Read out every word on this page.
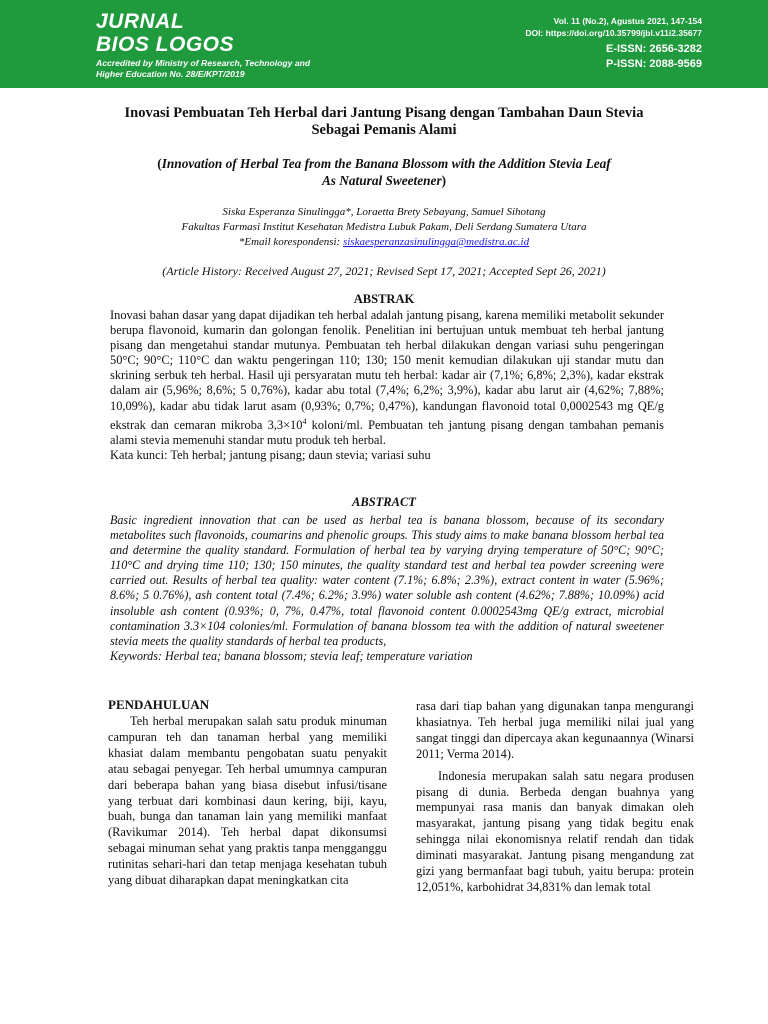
JURNAL
BIOS LOGOS
Accredited by Ministry of Research, Technology and
Higher Education No. 28/E/KPT/2019
Vol. 11 (No.2), Agustus 2021, 147-154
DOI: https://doi.org/10.35799/jbl.v11i2.35677
E-ISSN: 2656-3282
P-ISSN: 2088-9569
Inovasi Pembuatan Teh Herbal dari Jantung Pisang dengan Tambahan Daun Stevia
Sebagai Pemanis Alami
(Innovation of Herbal Tea from the Banana Blossom with the Addition Stevia Leaf
As Natural Sweetener)
Siska Esperanza Sinulingga*, Loraetta Brety Sebayang, Samuel Sihotang
Fakultas Farmasi Institut Kesehatan Medistra Lubuk Pakam, Deli Serdang Sumatera Utara
*Email korespondensi: siskaesperanzasinulingga@medistra.ac.id
(Article History: Received August 27, 2021; Revised Sept 17, 2021; Accepted Sept 26, 2021)
ABSTRAK
Inovasi bahan dasar yang dapat dijadikan teh herbal adalah jantung pisang, karena memiliki metabolit sekunder berupa flavonoid, kumarin dan golongan fenolik. Penelitian ini bertujuan untuk membuat teh herbal jantung pisang dan mengetahui standar mutunya. Pembuatan teh herbal dilakukan dengan variasi suhu pengeringan 50°C; 90°C; 110°C dan waktu pengeringan 110; 130; 150 menit kemudian dilakukan uji standar mutu dan skrining serbuk teh herbal. Hasil uji persyaratan mutu teh herbal: kadar air (7,1%; 6,8%; 2,3%), kadar ekstrak dalam air (5,96%; 8,6%; 5 0,76%), kadar abu total (7,4%; 6,2%; 3,9%), kadar abu larut air (4,62%; 7,88%; 10,09%), kadar abu tidak larut asam (0,93%; 0,7%; 0,47%), kandungan flavonoid total 0,0002543 mg QE/g ekstrak dan cemaran mikroba $3,3\times 10^4$ koloni/ml. Pembuatan teh jantung pisang dengan tambahan pemanis alami stevia memenuhi standar mutu produk teh herbal.
Kata kunci: Teh herbal; jantung pisang; daun stevia; variasi suhu
ABSTRACT
Basic ingredient innovation that can be used as herbal tea is banana blossom, because of its secondary metabolites such flavonoids, coumarins and phenolic groups. This study aims to make banana blossom herbal tea and determine the quality standard. Formulation of herbal tea by varying drying temperature of 50°C; 90°C; 110°C and drying time 110; 130; 150 minutes, the quality standard test and herbal tea powder screening were carried out. Results of herbal tea quality: water content (7.1%; 6.8%; 2.3%), extract content in water (5.96%; 8.6%; 5 0.76%), ash content total (7.4%; 6.2%; 3.9%) water soluble ash content (4.62%; 7.88%; 10.09%) acid insoluble ash content (0.93%; 0, 7%, 0.47%, total flavonoid content 0.0002543mg QE/g extract, microbial contamination 3.3×104 colonies/ml. Formulation of banana blossom tea with the addition of natural sweetener stevia meets the quality standards of herbal tea products,
Keywords: Herbal tea; banana blossom; stevia leaf; temperature variation
PENDAHULUAN
Teh herbal merupakan salah satu produk minuman campuran teh dan tanaman herbal yang memiliki khasiat dalam membantu pengobatan suatu penyakit atau sebagai penyegar. Teh herbal umumnya campuran dari beberapa bahan yang biasa disebut infusi/tisane yang terbuat dari kombinasi daun kering, biji, kayu, buah, bunga dan tanaman lain yang memiliki manfaat (Ravikumar 2014). Teh herbal dapat dikonsumsi sebagai minuman sehat yang praktis tanpa mengganggu rutinitas sehari-hari dan tetap menjaga kesehatan tubuh yang dibuat diharapkan dapat meningkatkan cita
rasa dari tiap bahan yang digunakan tanpa mengurangi khasiatnya. Teh herbal juga memiliki nilai jual yang sangat tinggi dan dipercaya akan kegunaannya (Winarsi 2011; Verma 2014).
Indonesia merupakan salah satu negara produsen pisang di dunia. Berbeda dengan buahnya yang mempunyai rasa manis dan banyak dimakan oleh masyarakat, jantung pisang yang tidak begitu enak sehingga nilai ekonomisnya relatif rendah dan tidak diminati masyarakat. Jantung pisang mengandung zat gizi yang bermanfaat bagi tubuh, yaitu berupa: protein 12,051%, karbohidrat 34,831% dan lemak total
